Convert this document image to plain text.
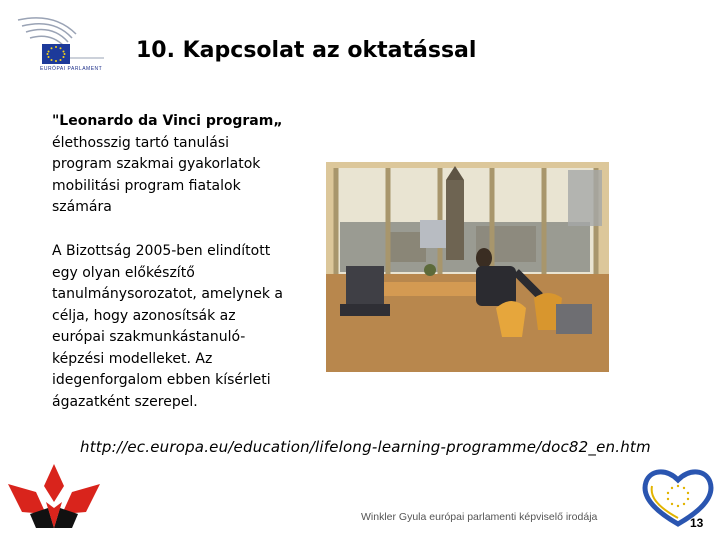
EURÓPAI PARLAMENT
10. Kapcsolat az oktatással
"Leonardo da Vinci program„
élethosszig tartó tanulási
program szakmai gyakorlatok
mobilitási program fiatalok
számára
A Bizottság 2005-ben elindított
egy olyan előkészítő
tanulmánysorozatot, amelynek a
célja, hogy azonosítsák az
európai szakmunkástanuló-
képzési modelleket. Az
idegenforgalom ebben kísérleti
ágazatként szerepel.
http://ec.europa.eu/education/lifelong-learning-programme/doc82_en.htm
Winkler Gyula európai parlamenti képviselő irodája	13
